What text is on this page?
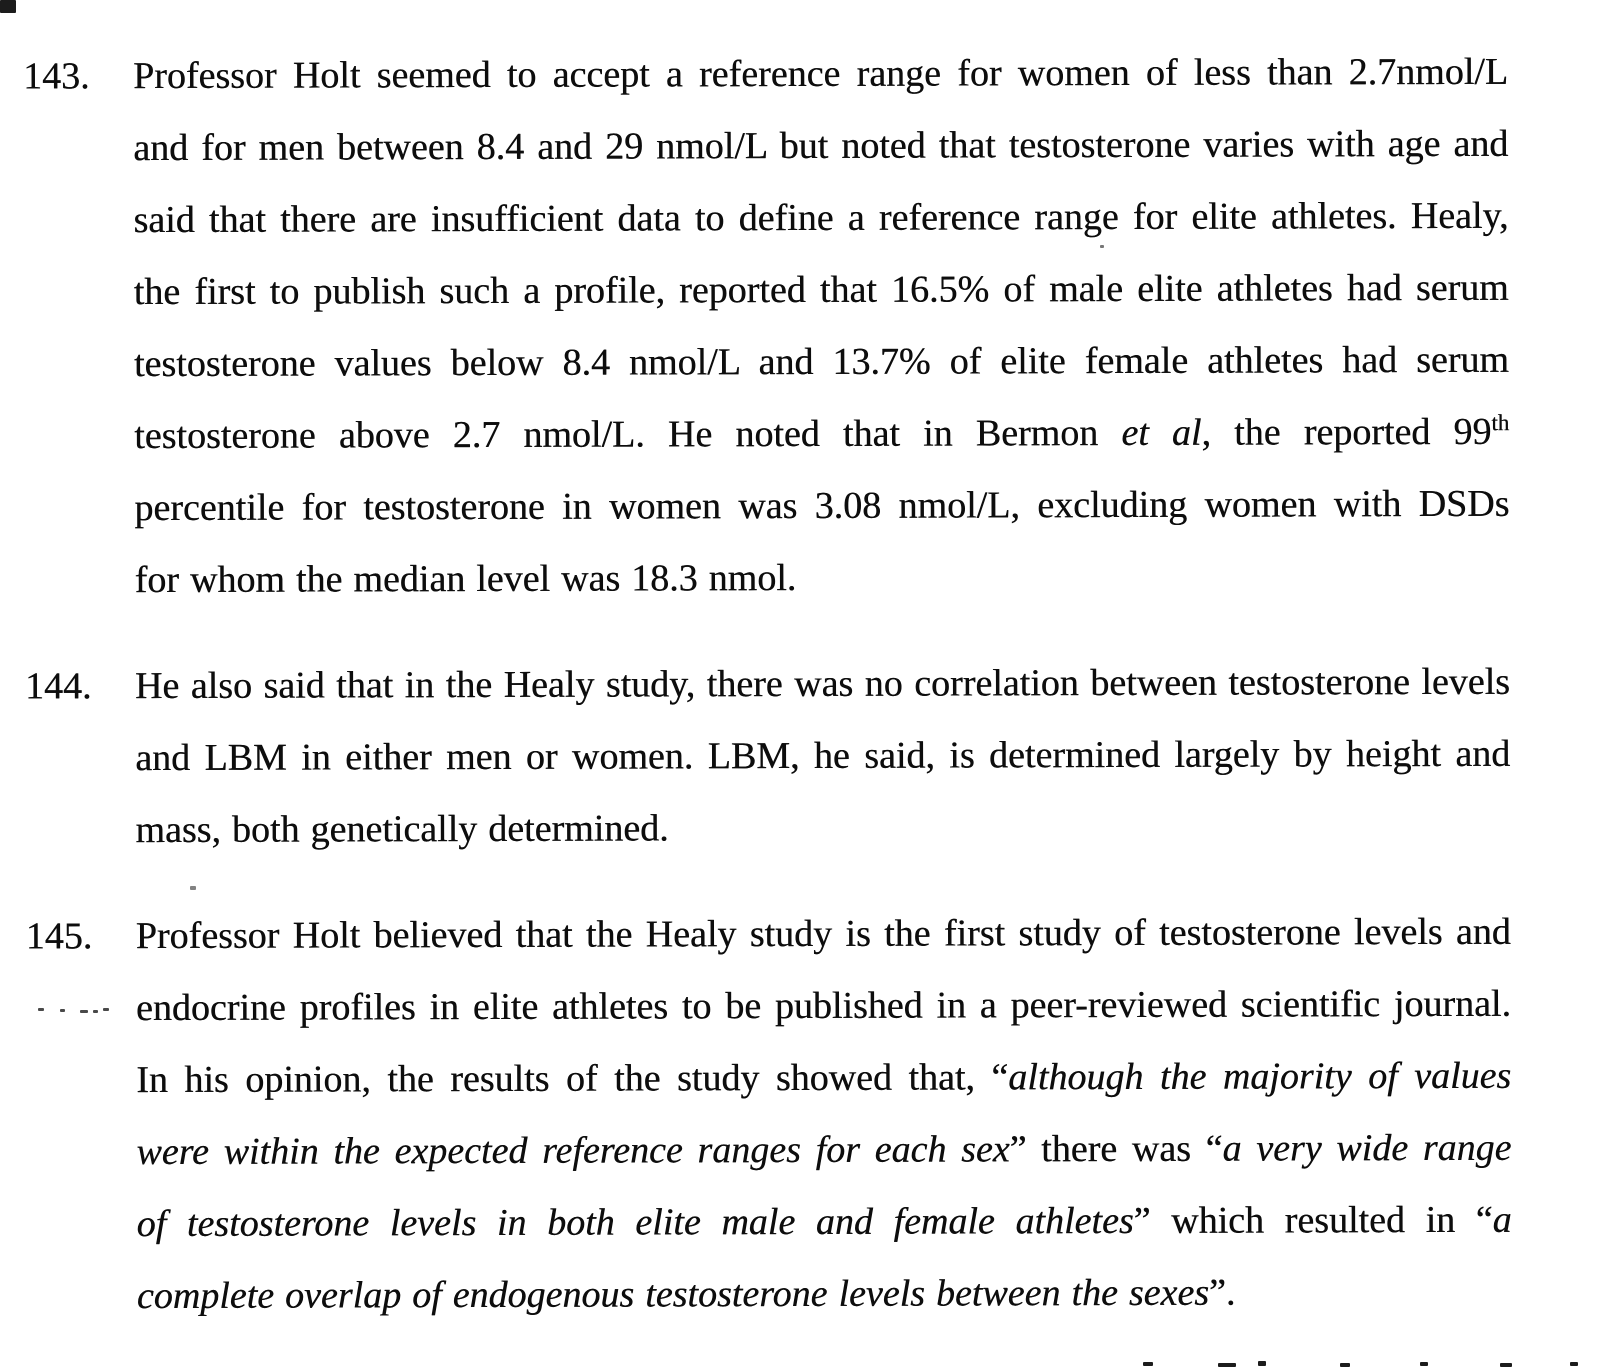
143.	Professor Holt seemed to accept a reference range for women of less than 2.7nmol/L
and for men between 8.4 and 29 nmol/L but noted that testosterone varies with age and
said that there are insufficient data to define a reference range for elite athletes. Healy,
the first to publish such a profile, reported that 16.5% of male elite athletes had serum
testosterone values below 8.4 nmol/L and 13.7% of elite female athletes had serum
testosterone above 2.7 nmol/L. He noted that in Bermon et al, the reported 99th
percentile for testosterone in women was 3.08 nmol/L, excluding women with DSDs
for whom the median level was 18.3 nmol.
144.	He also said that in the Healy study, there was no correlation between testosterone levels
and LBM in either men or women. LBM, he said, is determined largely by height and
mass, both genetically determined.
145.	Professor Holt believed that the Healy study is the first study of testosterone levels and
endocrine profiles in elite athletes to be published in a peer-reviewed scientific journal.
In his opinion, the results of the study showed that, “although the majority of values
were within the expected reference ranges for each sex” there was “a very wide range
of testosterone levels in both elite male and female athletes” which resulted in “a
complete overlap of endogenous testosterone levels between the sexes”.
